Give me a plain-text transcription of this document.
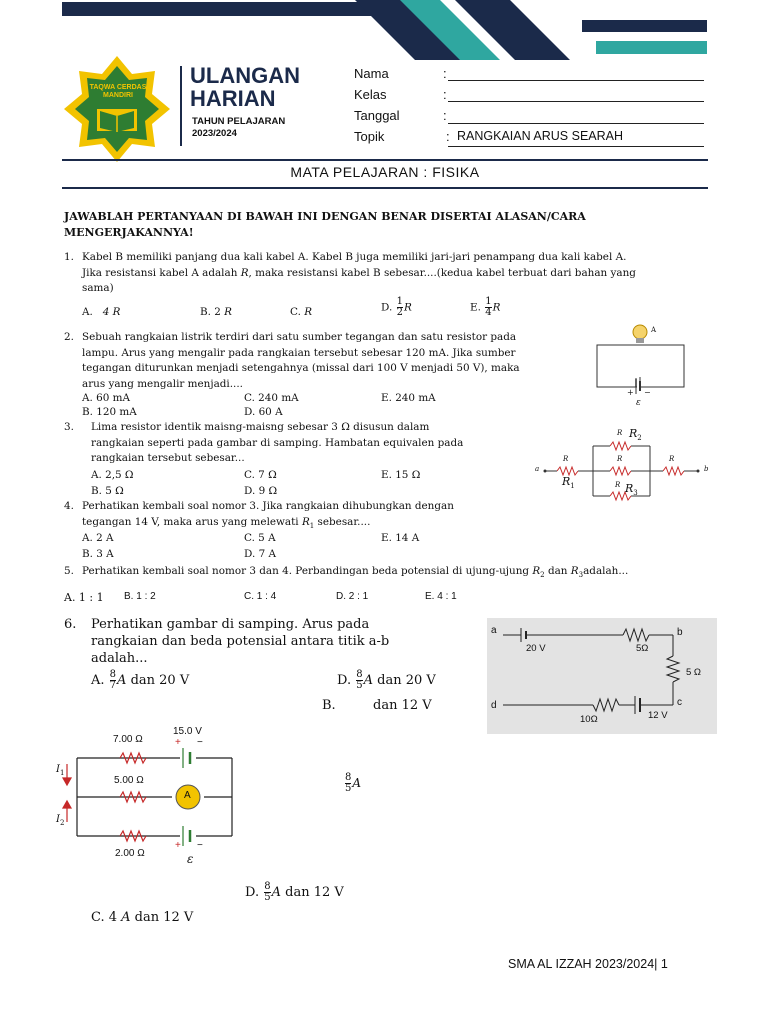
TAQWA CERDAS MANDIRI
ULANGAN
HARIAN
TAHUN PELAJARAN
2023/2024
Nama	:
Kelas	:
Tanggal	:
Topik	: RANGKAIAN ARUS SEARAH
MATA PELAJARAN : FISIKA
JAWABLAH PERTANYAAN DI BAWAH INI DENGAN BENAR DISERTAI ALASAN/CARA MENGERJAKANNYA!
1. Kabel B memiliki panjang dua kali kabel A. Kabel B juga memiliki jari-jari penampang dua kali kabel A.
Jika resistansi kabel A adalah R, maka resistansi kabel B sebesar....(kedua kabel terbuat dari bahan yang
sama)
A. 4 R	B. 2 R	C. R	D. $\frac{1}{2}$ R	E. $\frac{1}{4}$ R
2. Sebuah rangkaian listrik terdiri dari satu sumber tegangan dan satu resistor pada
lampu. Arus yang mengalir pada rangkaian tersebut sebesar 120 mA. Jika sumber
tegangan diturunkan menjadi setengahnya (missal dari 100 V menjadi 50 V), maka
arus yang mengalir menjadi....
A. 60 mA
B. 120 mA
C. 240 mA
D. 60 A
E. 240 mA
A
+ −
ε
3. Lima resistor identik maisng-maisng sebesar 3 Ω disusun dalam
rangkaian seperti pada gambar di samping. Hambatan equivalen pada
rangkaian tersebut sebesar...
A. 2,5 Ω
B. 5 Ω
C. 7 Ω
D. 9 Ω
E. 15 Ω	a	b
R $R_2$
R
$R_1$
R	R
R $R_3$
4. Perhatikan kembali soal nomor 3. Jika rangkaian dihubungkan dengan
tegangan 14 V, maka arus yang melewati $R_1$ sebesar....
A. 2 A
B. 3 A
C. 5 A
D. 7 A
E. 14 A
5. Perhatikan kembali soal nomor 3 dan 4. Perbandingan beda potensial di ujung-ujung $R_2$ dan $R_3adalah$...
A. 1 : 1 B. 1 : 2	C. 1 : 4	D. 2 : 1	E. 4 : 1
6. Perhatikan gambar di samping. Arus pada
rangkaian dan beda potensial antara titik a-b
adalah...
A. $\frac{8}{7}$ A dan 20 V	D. $\frac{8}{5}$ A dan 20 V
B.	dan 12 V
a	b
20 V	5Ω
5 Ω
c
d
10Ω	12 V
7.00 Ω
15.0 V
+ −
5.00 Ω
A
$I_1$
$I_2$
+ −
2.00 Ω	ε
$\frac{8}{5}$ A
D. $\frac{8}{5}$ A dan 12 V
C. 4 A dan 12 V
SMA AL IZZAH 2023/2024| 1
